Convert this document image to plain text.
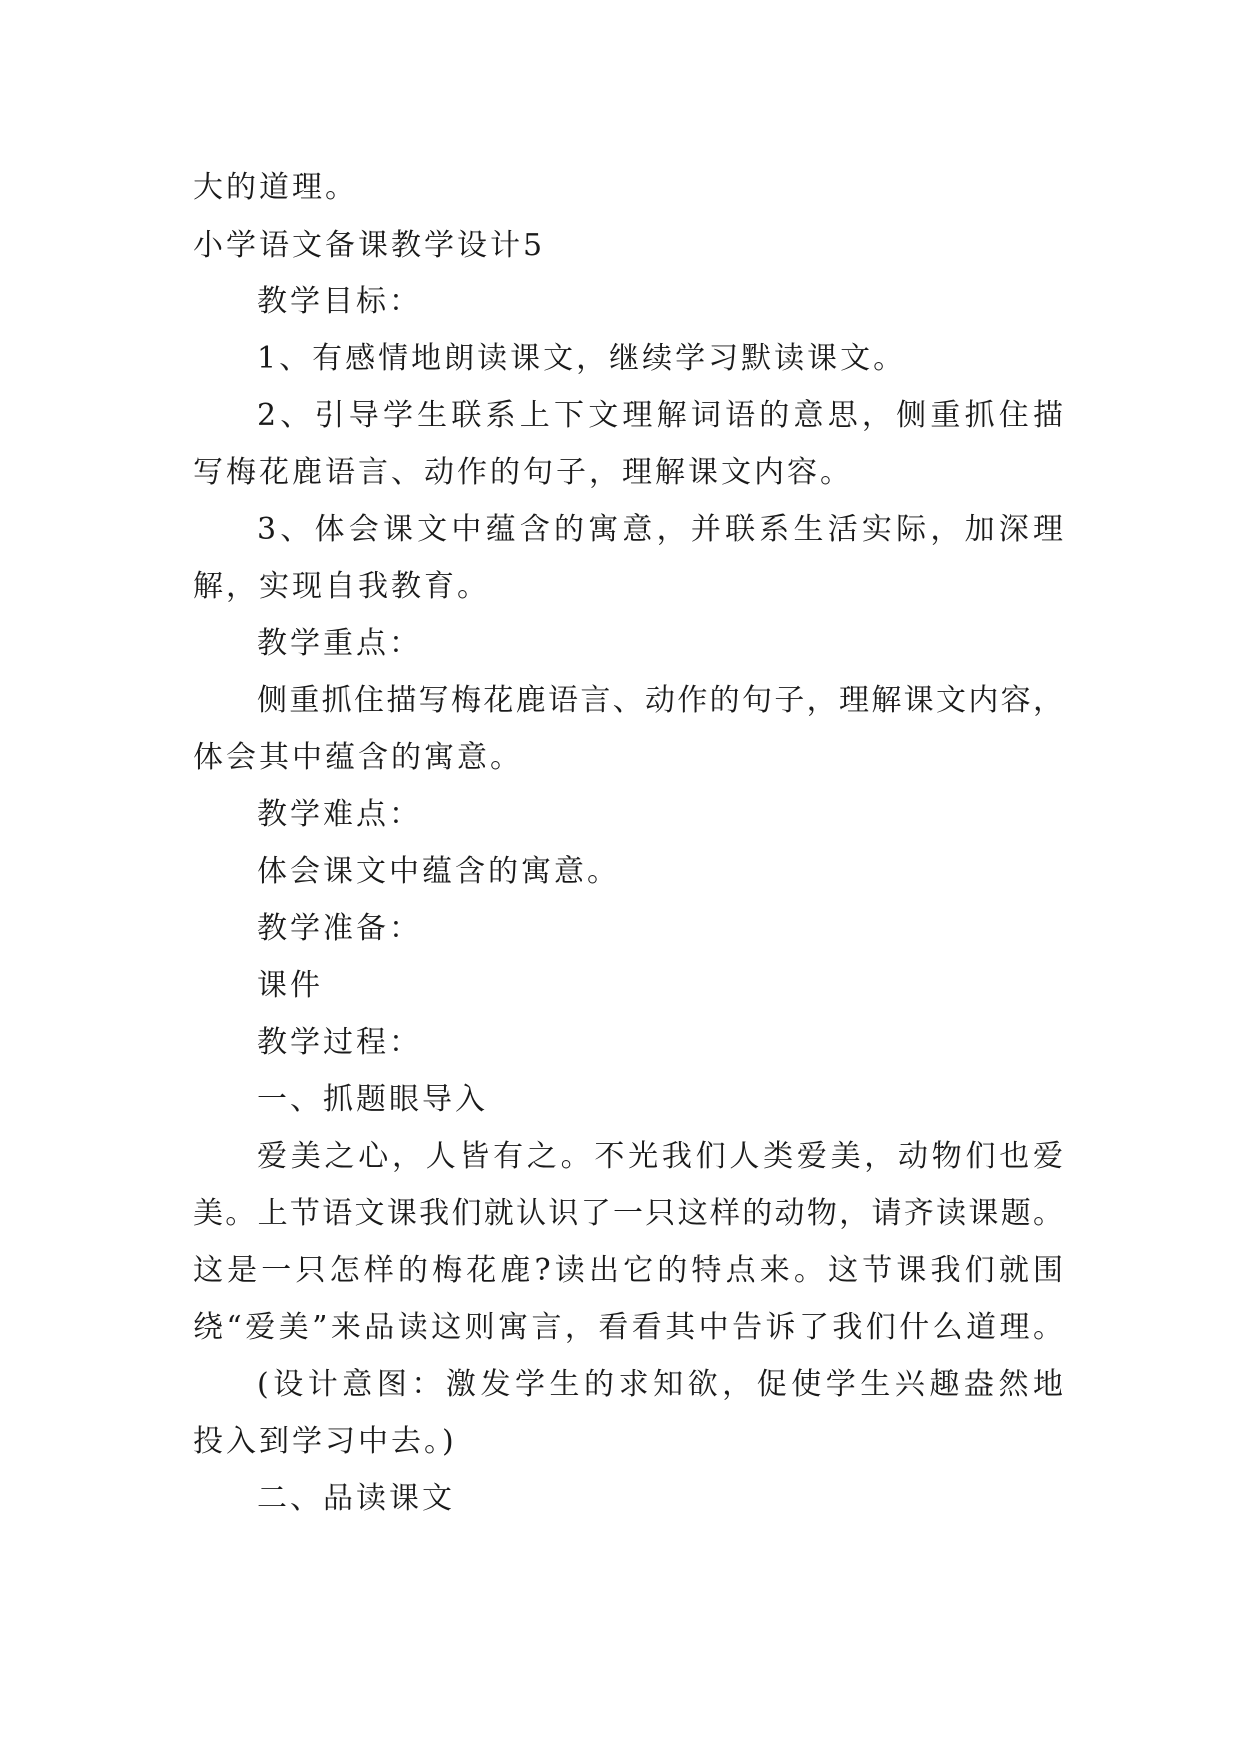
大的道理。
小学语文备课教学设计5
教学目标：
1、有感情地朗读课文，继续学习默读课文。
2、引导学生联系上下文理解词语的意思，侧重抓住描
写梅花鹿语言、动作的句子，理解课文内容。
3、体会课文中蕴含的寓意，并联系生活实际，加深理
解，实现自我教育。
教学重点：
侧重抓住描写梅花鹿语言、动作的句子，理解课文内容，
体会其中蕴含的寓意。
教学难点：
体会课文中蕴含的寓意。
教学准备：
课件
教学过程：
一、抓题眼导入
爱美之心，人皆有之。不光我们人类爱美，动物们也爱
美。上节语文课我们就认识了一只这样的动物，请齐读课题。
这是一只怎样的梅花鹿?读出它的特点来。这节课我们就围
绕“爱美”来品读这则寓言，看看其中告诉了我们什么道理。
(设计意图：激发学生的求知欲，促使学生兴趣盎然地
投入到学习中去。)
二、品读课文
